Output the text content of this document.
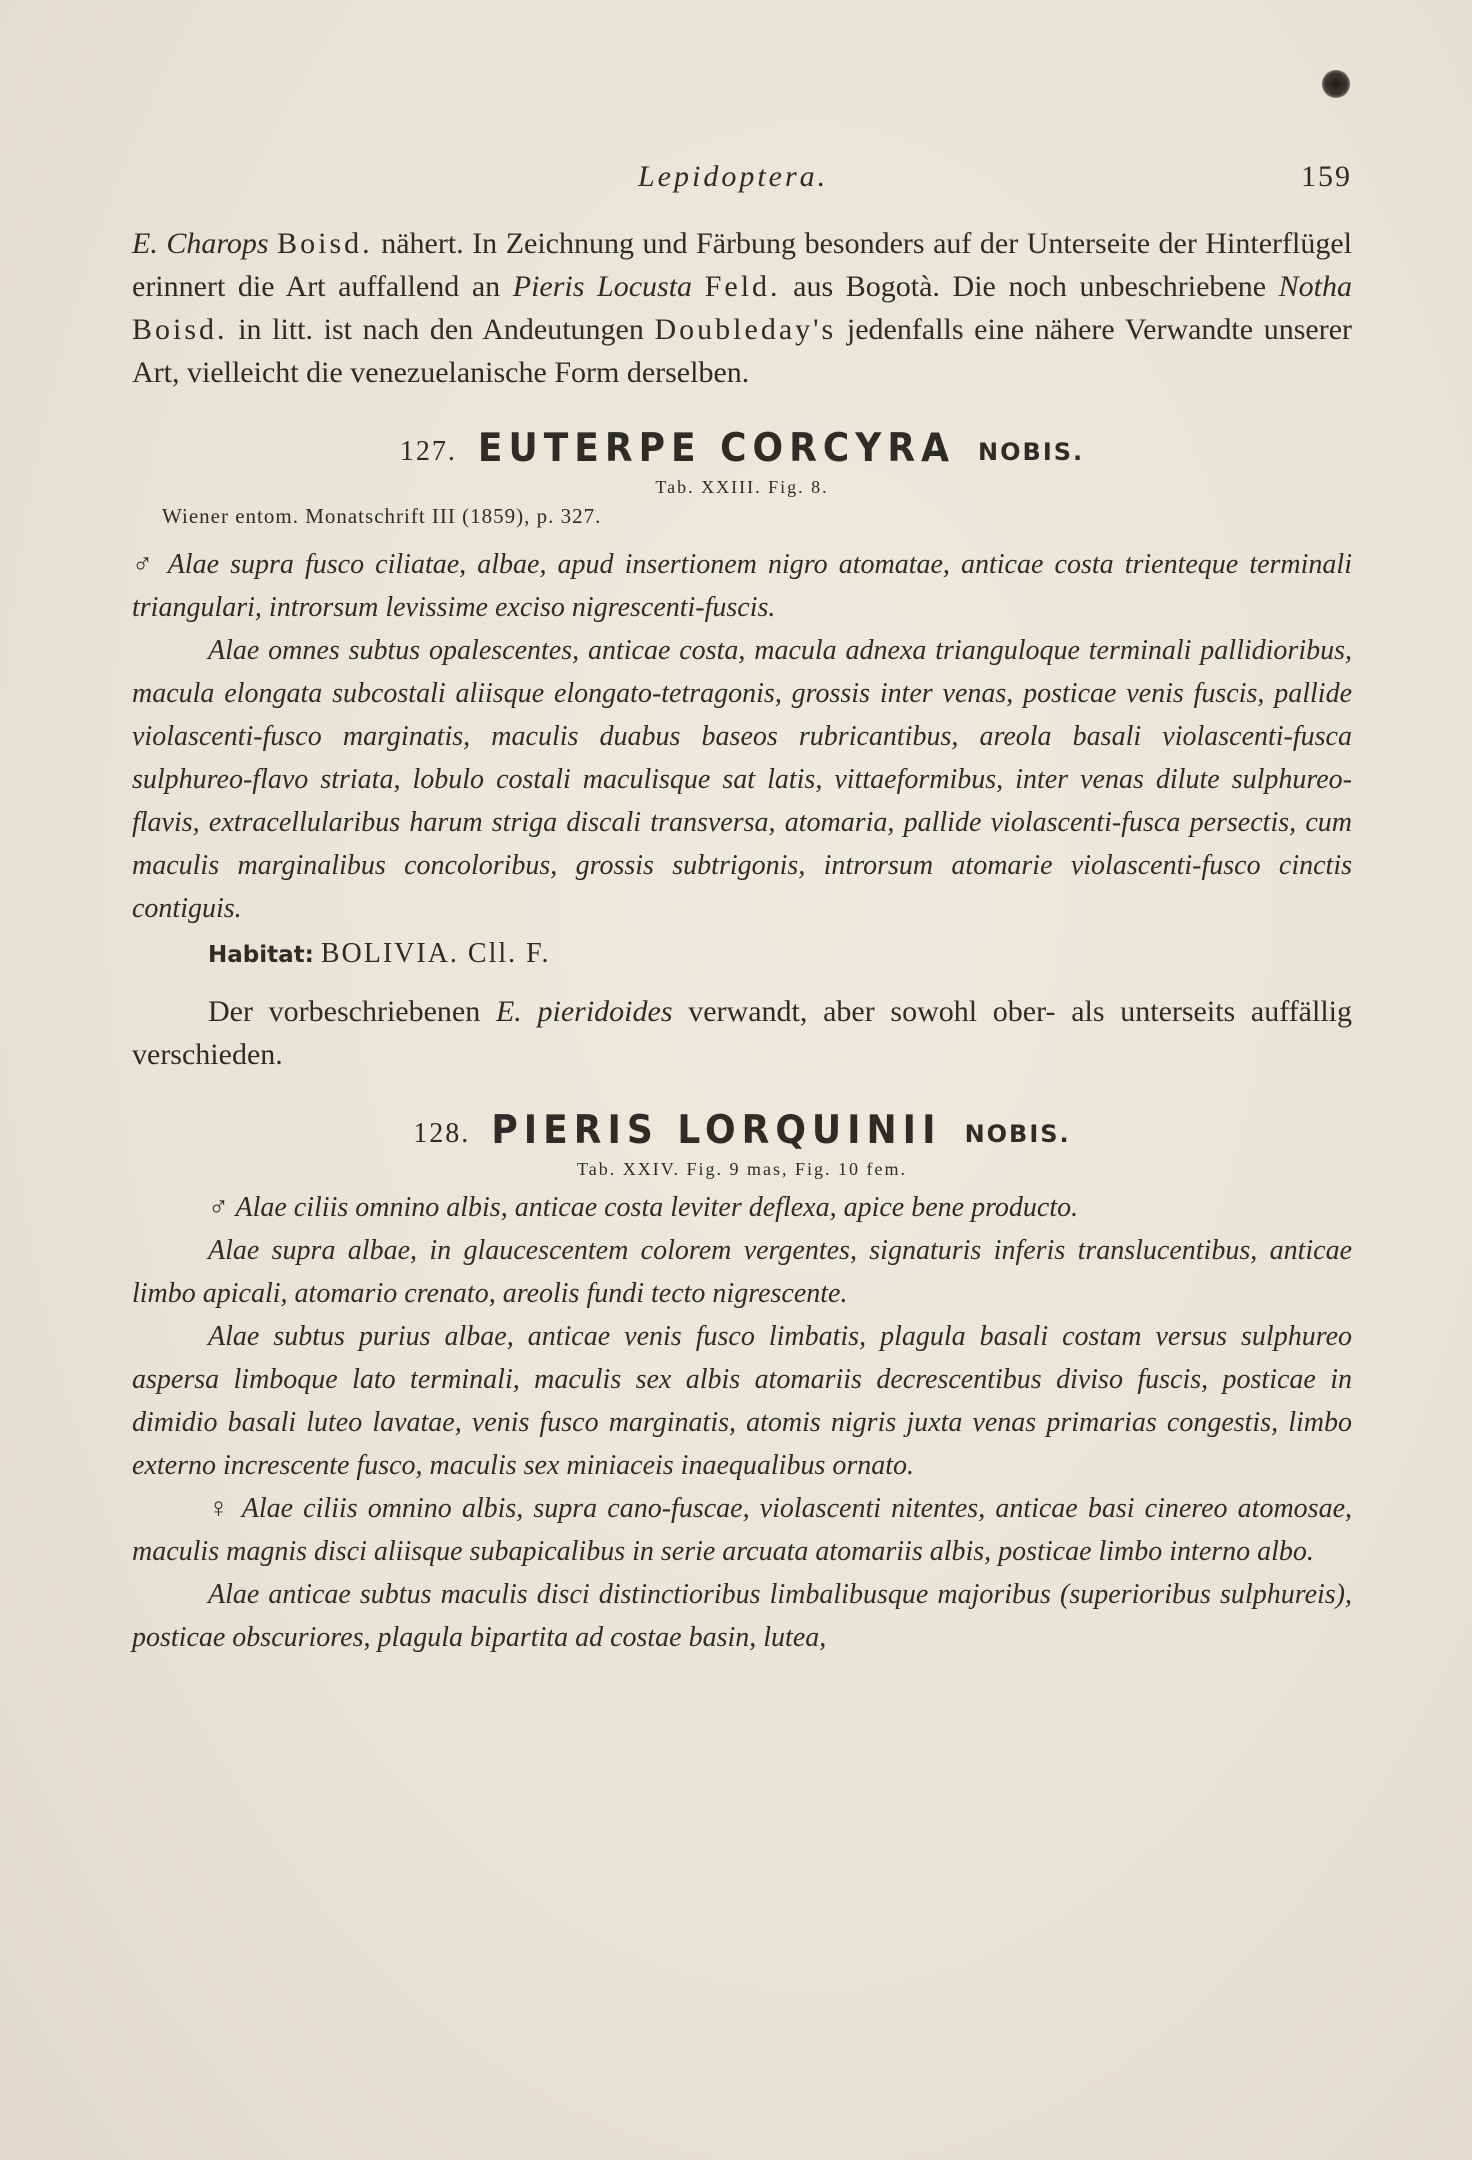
Lepidoptera.	159

E. Charops Boisd. nähert. In Zeichnung und Färbung besonders auf der Unterseite der Hinterflügel erinnert die Art auffallend an Pieris Locusta Feld. aus Bogotà. Die noch unbeschriebene Notha Boisd. in litt. ist nach den Andeutungen Doubleday's jedenfalls eine nähere Verwandte unserer Art, vielleicht die venezuelanische Form derselben.

127. EUTERPE CORCYRA NOBIS.
Tab. XXIII. Fig. 8.
Wiener entom. Monatschrift III (1859), p. 327.

♂ Alae supra fusco ciliatae, albae, apud insertionem nigro atomatae, anticae costa trienteque terminali triangulari, introrsum levissime exciso nigrescenti-fuscis.

Alae omnes subtus opalescentes, anticae costa, macula adnexa trianguloque terminali pallidioribus, macula elongata subcostali aliisque elongato-tetragonis, grossis inter venas, posticae venis fuscis, pallide violascenti-fusco marginatis, maculis duabus baseos rubricantibus, areola basali violascenti-fusca sulphureo-flavo striata, lobulo costali maculisque sat latis, vittaeformibus, inter venas dilute sulphureo-flavis, extracellularibus harum striga discali transversa, atomaria, pallide violascenti-fusca persectis, cum maculis marginalibus concoloribus, grossis subtrigonis, introrsum atomarie violascenti-fusco cinctis contiguis.

Habitat: BOLIVIA. Cll. F.

Der vorbeschriebenen E. pieridoides verwandt, aber sowohl ober- als unterseits auffällig verschieden.

128. PIERIS LORQUINII NOBIS.
Tab. XXIV. Fig. 9 mas, Fig. 10 fem.

♂ Alae ciliis omnino albis, anticae costa leviter deflexa, apice bene producto.

Alae supra albae, in glaucescentem colorem vergentes, signaturis inferis translucentibus, anticae limbo apicali, atomario crenato, areolis fundi tecto nigrescente.

Alae subtus purius albae, anticae venis fusco limbatis, plagula basali costam versus sulphureo aspersa limboque lato terminali, maculis sex albis atomariis decrescentibus diviso fuscis, posticae in dimidio basali luteo lavatae, venis fusco marginatis, atomis nigris juxta venas primarias congestis, limbo externo increscente fusco, maculis sex miniaceis inaequalibus ornato.

♀ Alae ciliis omnino albis, supra cano-fuscae, violascenti nitentes, anticae basi cinereo atomosae, maculis magnis disci aliisque subapicalibus in serie arcuata atomariis albis, posticae limbo interno albo.

Alae anticae subtus maculis disci distinctioribus limbalibusque majoribus (superioribus sulphureis), posticae obscuriores, plagula bipartita ad costae basin, lutea,
